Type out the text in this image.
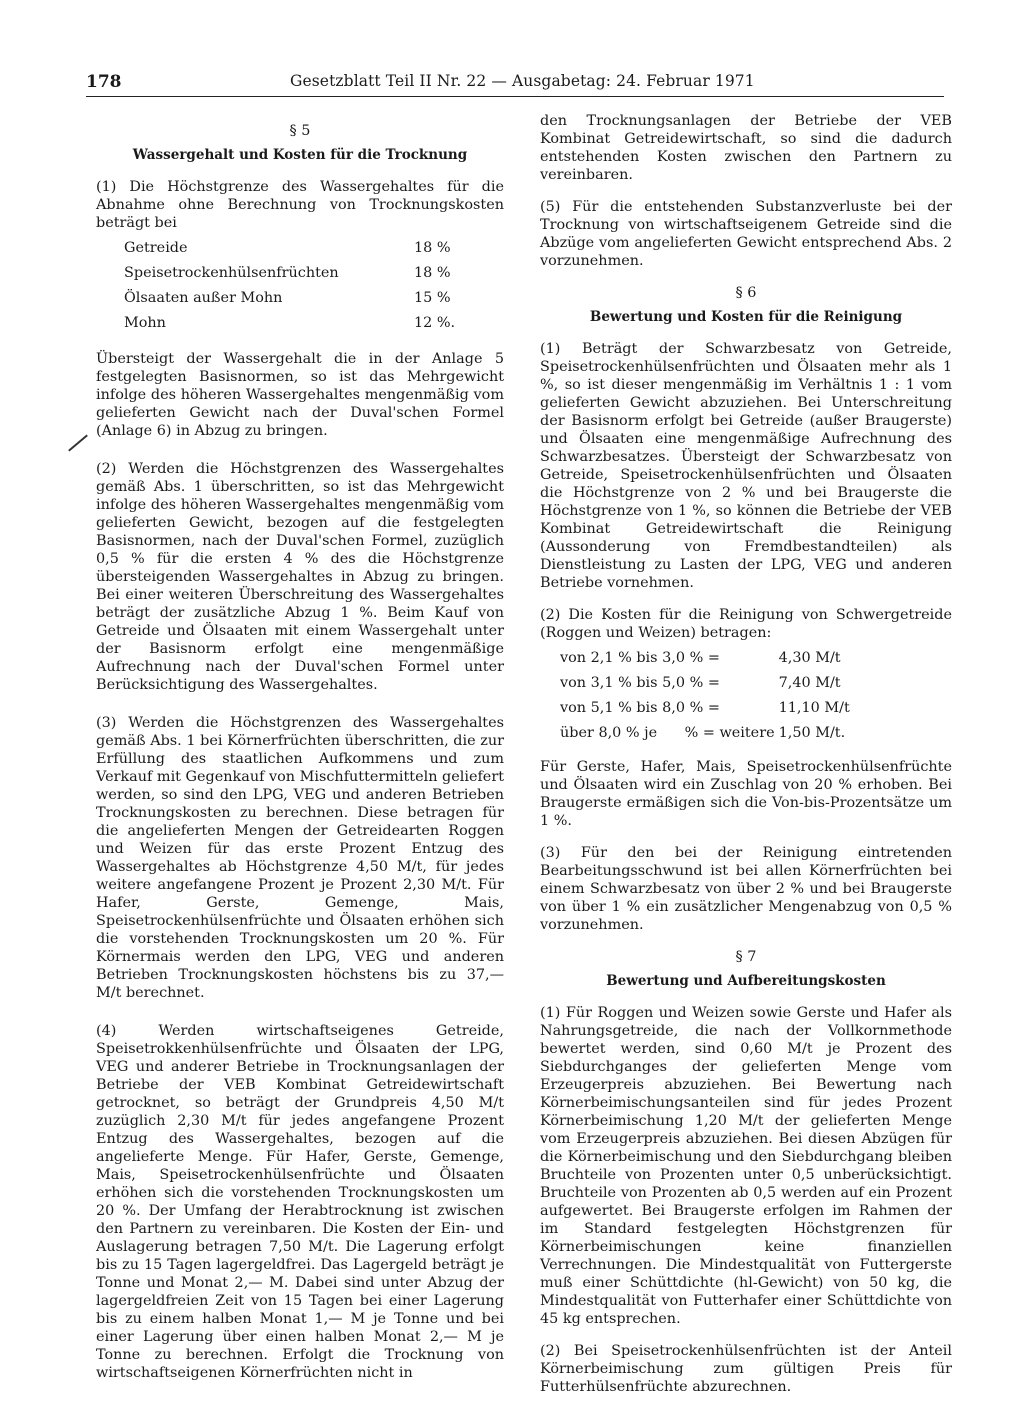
178	Gesetzblatt Teil II Nr. 22 — Ausgabetag: 24. Februar 1971

§ 5

Wassergehalt und Kosten für die Trocknung

(1) Die Höchstgrenze des Wassergehaltes für die Abnahme ohne Berechnung von Trocknungskosten beträgt bei

Getreide	18 %
Speisetrockenhülsenfrüchten	18 %
Ölsaaten außer Mohn	15 %
Mohn	12 %.

Übersteigt der Wassergehalt die in der Anlage 5 festgelegten Basisnormen, so ist das Mehrgewicht infolge des höheren Wassergehaltes mengenmäßig vom gelieferten Gewicht nach der Duval'schen Formel (Anlage 6) in Abzug zu bringen.

(2) Werden die Höchstgrenzen des Wassergehaltes gemäß Abs. 1 überschritten, so ist das Mehrgewicht infolge des höheren Wassergehaltes mengenmäßig vom gelieferten Gewicht, bezogen auf die festgelegten Basisnormen, nach der Duval'schen Formel, zuzüglich 0,5 % für die ersten 4 % des die Höchstgrenze übersteigenden Wassergehaltes in Abzug zu bringen. Bei einer weiteren Überschreitung des Wassergehaltes beträgt der zusätzliche Abzug 1 %. Beim Kauf von Getreide und Ölsaaten mit einem Wassergehalt unter der Basisnorm erfolgt eine mengenmäßige Aufrechnung nach der Duval'schen Formel unter Berücksichtigung des Wassergehaltes.

(3) Werden die Höchstgrenzen des Wassergehaltes gemäß Abs. 1 bei Körnerfrüchten überschritten, die zur Erfüllung des staatlichen Aufkommens und zum Verkauf mit Gegenkauf von Mischfuttermitteln geliefert werden, so sind den LPG, VEG und anderen Betrieben Trocknungskosten zu berechnen. Diese betragen für die angelieferten Mengen der Getreidearten Roggen und Weizen für das erste Prozent Entzug des Wassergehaltes ab Höchstgrenze 4,50 M/t, für jedes weitere angefangene Prozent je Prozent 2,30 M/t. Für Hafer, Gerste, Gemenge, Mais, Speisetrockenhülsenfrüchte und Ölsaaten erhöhen sich die vorstehenden Trocknungskosten um 20 %. Für Körnermais werden den LPG, VEG und anderen Betrieben Trocknungskosten höchstens bis zu 37,— M/t berechnet.

(4) Werden wirtschaftseigenes Getreide, Speisetrokkenhülsenfrüchte und Ölsaaten der LPG, VEG und anderer Betriebe in Trocknungsanlagen der Betriebe der VEB Kombinat Getreidewirtschaft getrocknet, so beträgt der Grundpreis 4,50 M/t zuzüglich 2,30 M/t für jedes angefangene Prozent Entzug des Wassergehaltes, bezogen auf die angelieferte Menge. Für Hafer, Gerste, Gemenge, Mais, Speisetrockenhülsenfrüchte und Ölsaaten erhöhen sich die vorstehenden Trocknungskosten um 20 %. Der Umfang der Herabtrocknung ist zwischen den Partnern zu vereinbaren. Die Kosten der Ein- und Auslagerung betragen 7,50 M/t. Die Lagerung erfolgt bis zu 15 Tagen lagergeldfrei. Das Lagergeld beträgt je Tonne und Monat 2,— M. Dabei sind unter Abzug der lagergeldfreien Zeit von 15 Tagen bei einer Lagerung bis zu einem halben Monat 1,— M je Tonne und bei einer Lagerung über einen halben Monat 2,— M je Tonne zu berechnen. Erfolgt die Trocknung von wirtschaftseigenen Körnerfrüchten nicht in

den Trocknungsanlagen der Betriebe der VEB Kombinat Getreidewirtschaft, so sind die dadurch entstehenden Kosten zwischen den Partnern zu vereinbaren.

(5) Für die entstehenden Substanzverluste bei der Trocknung von wirtschaftseigenem Getreide sind die Abzüge vom angelieferten Gewicht entsprechend Abs. 2 vorzunehmen.

§ 6

Bewertung und Kosten für die Reinigung

(1) Beträgt der Schwarzbesatz von Getreide, Speisetrockenhülsenfrüchten und Ölsaaten mehr als 1 %, so ist dieser mengenmäßig im Verhältnis 1 : 1 vom gelieferten Gewicht abzuziehen. Bei Unterschreitung der Basisnorm erfolgt bei Getreide (außer Braugerste) und Ölsaaten eine mengenmäßige Aufrechnung des Schwarzbesatzes. Übersteigt der Schwarzbesatz von Getreide, Speisetrockenhülsenfrüchten und Ölsaaten die Höchstgrenze von 2 % und bei Braugerste die Höchstgrenze von 1 %, so können die Betriebe der VEB Kombinat Getreidewirtschaft die Reinigung (Aussonderung von Fremdbestandteilen) als Dienstleistung zu Lasten der LPG, VEG und anderen Betriebe vornehmen.

(2) Die Kosten für die Reinigung von Schwergetreide (Roggen und Weizen) betragen:

von 2,1 % bis 3,0 % =	4,30 M/t
von 3,1 % bis 5,0 % =	7,40 M/t
von 5,1 % bis 8,0 % =	11,10 M/t
über 8,0 % je      % = weitere	1,50 M/t.

Für Gerste, Hafer, Mais, Speisetrockenhülsenfrüchte und Ölsaaten wird ein Zuschlag von 20 % erhoben. Bei Braugerste ermäßigen sich die Von-bis-Prozentsätze um 1 %.

(3) Für den bei der Reinigung eintretenden Bearbeitungsschwund ist bei allen Körnerfrüchten bei einem Schwarzbesatz von über 2 % und bei Braugerste von über 1 % ein zusätzlicher Mengenabzug von 0,5 % vorzunehmen.

§ 7

Bewertung und Aufbereitungskosten

(1) Für Roggen und Weizen sowie Gerste und Hafer als Nahrungsgetreide, die nach der Vollkornmethode bewertet werden, sind 0,60 M/t je Prozent des Siebdurchganges der gelieferten Menge vom Erzeugerpreis abzuziehen. Bei Bewertung nach Körnerbeimischungsanteilen sind für jedes Prozent Körnerbeimischung 1,20 M/t der gelieferten Menge vom Erzeugerpreis abzuziehen. Bei diesen Abzügen für die Körnerbeimischung und den Siebdurchgang bleiben Bruchteile von Prozenten unter 0,5 unberücksichtigt. Bruchteile von Prozenten ab 0,5 werden auf ein Prozent aufgewertet. Bei Braugerste erfolgen im Rahmen der im Standard festgelegten Höchstgrenzen für Körnerbeimischungen keine finanziellen Verrechnungen. Die Mindestqualität von Futtergerste muß einer Schüttdichte (hl-Gewicht) von 50 kg, die Mindestqualität von Futterhafer einer Schüttdichte von 45 kg entsprechen.

(2) Bei Speisetrockenhülsenfrüchten ist der Anteil Körnerbeimischung zum gültigen Preis für Futterhülsenfrüchte abzurechnen.
